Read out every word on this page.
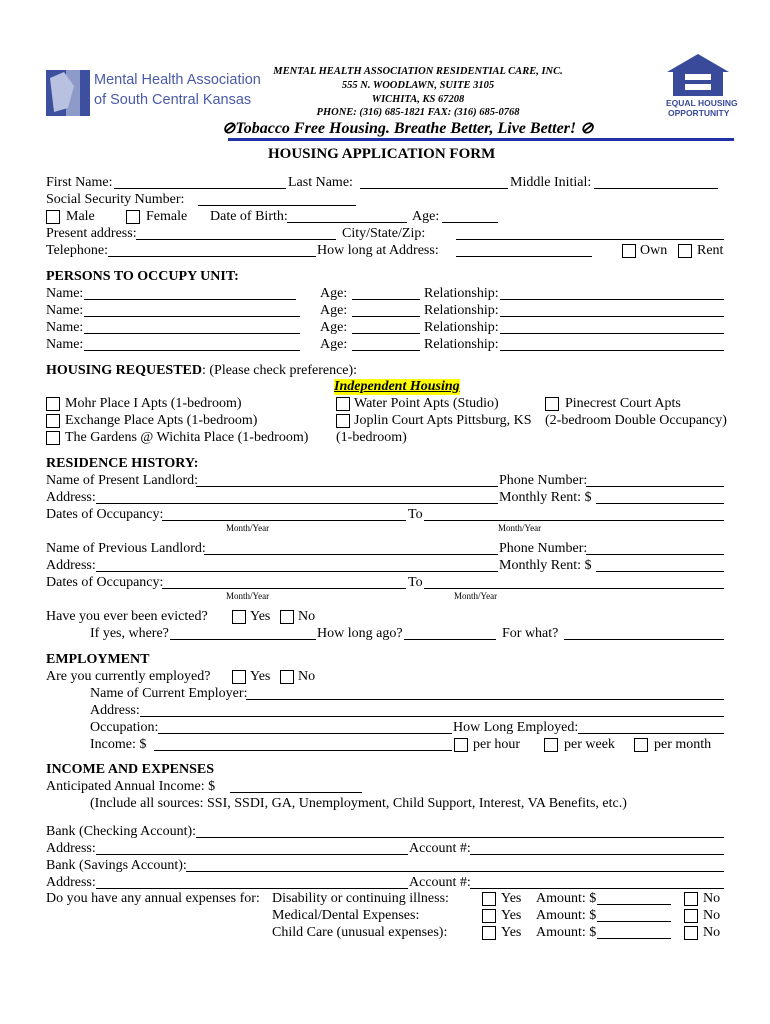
Mental Health Association
of South Central Kansas
MENTAL HEALTH ASSOCIATION RESIDENTIAL CARE, INC.
555 N. WOODLAWN, SUITE 3105
WICHITA, KS 67208
PHONE: (316) 685-1821 FAX: (316) 685-0768
EQUAL HOUSING
OPPORTUNITY
⊘Tobacco Free Housing. Breathe Better, Live Better! ⊘
HOUSING APPLICATION FORM
First Name:	Last Name:	Middle Initial:
Social Security Number:
Male	Female Date of Birth:	Age:
Present address:	City/State/Zip:
Telephone:	How long at Address:	Own Rent
PERSONS TO OCCUPY UNIT:
Name:	Age:	Relationship:
Name:	Age:	Relationship:
Name:	Age:	Relationship:
Name:	Age:	Relationship:
HOUSING REQUESTED: (Please check preference):
Independent Housing
Mohr Place I Apts (1-bedroom)
Exchange Place Apts (1-bedroom)
The Gardens @ Wichita Place (1-bedroom)
Water Point Apts (Studio)
Joplin Court Apts Pittsburg, KS
(1-bedroom)
Pinecrest Court Apts
(2-bedroom Double Occupancy)
RESIDENCE HISTORY:
Name of Present Landlord:	Phone Number:
Address:	Monthly Rent: $
Dates of Occupancy:	To
Month/Year	Month/Year
Name of Previous Landlord:	Phone Number:
Address:	Monthly Rent: $
Dates of Occupancy:	To
Month/Year	Month/Year
Have you ever been evicted?	Yes No
If yes, where?	How long ago?	For what?
EMPLOYMENT
Are you currently employed?	Yes No
Name of Current Employer:
Address:
Occupation:	How Long Employed:
Income: $	per hour	per week	per month
INCOME AND EXPENSES
Anticipated Annual Income: $
(Include all sources: SSI, SSDI, GA, Unemployment, Child Support, Interest, VA Benefits, etc.)
Bank (Checking Account):
Address:	Account #:
Bank (Savings Account):
Address:	Account #:
Do you have any annual expenses for: Disability or continuing illness:	Yes Amount: $	No
Medical/Dental Expenses:	Yes Amount: $	No
Child Care (unusual expenses):	Yes Amount: $	No
